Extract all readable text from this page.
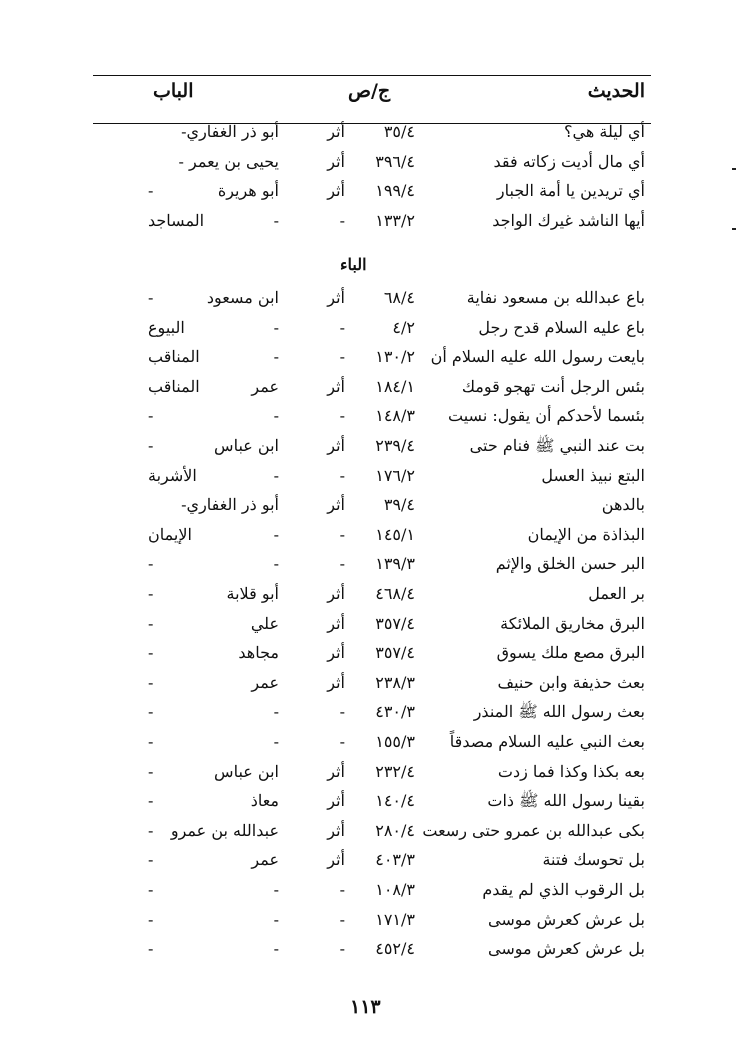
الحديث
ج/ص
الباب
أي ليلة هي؟
٣٥/٤
أثر
أبو ذر الغفاري-
أي مال أديت زكاته فقد
٣٩٦/٤
أثر
يحيى بن يعمر -
أي تريدين يا أمة الجبار
١٩٩/٤
أثر
أبو هريرة
-
أيها الناشد غيرك الواجد
١٣٣/٢
-
-
المساجد
الباء
باع عبدالله بن مسعود نفاية
٦٨/٤
أثر
ابن مسعود
-
باع عليه السلام قدح رجل
٤/٢
-
-
البيوع
بايعت رسول الله عليه السلام أن
١٣٠/٢
-
-
المناقب
بئس الرجل أنت تهجو قومك
١٨٤/١
أثر
عمر
المناقب
بئسما لأحدكم أن يقول: نسيت
١٤٨/٣
-
-
-
بت عند النبي ﷺ فنام حتى
٢٣٩/٤
أثر
ابن عباس
-
البتع نبيذ العسل
١٧٦/٢
-
-
الأشربة
بالدهن
٣٩/٤
أثر
أبو ذر الغفاري-
البذاذة من الإيمان
١٤٥/١
-
-
الإيمان
البر حسن الخلق والإثم
١٣٩/٣
-
-
-
بر العمل
٤٦٨/٤
أثر
أبو قلابة
-
البرق مخاريق الملائكة
٣٥٧/٤
أثر
علي
-
البرق مصع ملك يسوق
٣٥٧/٤
أثر
مجاهد
-
بعث حذيفة وابن حنيف
٢٣٨/٣
أثر
عمر
-
بعث رسول الله ﷺ المنذر
٤٣٠/٣
-
-
-
بعث النبي عليه السلام مصدقاً
١٥٥/٣
-
-
-
بعه بكذا وكذا فما زدت
٢٣٢/٤
أثر
ابن عباس
-
بقينا رسول الله ﷺ ذات
١٤٠/٤
أثر
معاذ
-
بكى عبدالله بن عمرو حتى رسعت
٢٨٠/٤
أثر
عبدالله بن عمرو
-
بل تحوسك فتنة
٤٠٣/٣
أثر
عمر
-
بل الرقوب الذي لم يقدم
١٠٨/٣
-
-
-
بل عرش كعرش موسى
١٧١/٣
-
-
-
بل عرش كعرش موسى
٤٥٢/٤
-
-
-
١١٣
